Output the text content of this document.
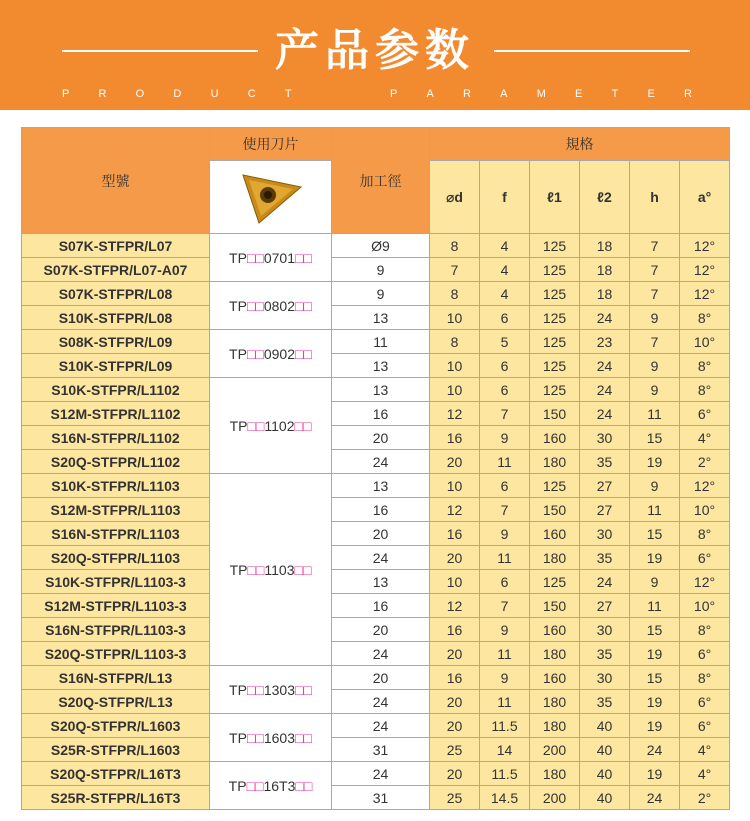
产品参数
P	R	O	D	U	C	T	P	A	R	A	M	E	T	E	R
型號	使用刀片	加工徑	規格					

	⌀d	f	ℓ1	ℓ2	h	a°

S07K-STFPR/L07	TP□□0701□□	Ø9	8	4	125	18	7	12°
S07K-STFPR/L07-A07		9	7	4	125	18	7	12°
S07K-STFPR/L08	TP□□0802□□	9	8	4	125	18	7	12°
S10K-STFPR/L08		13	10	6	125	24	9	8°
S08K-STFPR/L09	TP□□0902□□	11	8	5	125	23	7	10°
S10K-STFPR/L09		13	10	6	125	24	9	8°
S10K-STFPR/L1102	TP□□1102□□	13	10	6	125	24	9	8°
S12M-STFPR/L1102		16	12	7	150	24	11	6°
S16N-STFPR/L1102		20	16	9	160	30	15	4°
S20Q-STFPR/L1102		24	20	11	180	35	19	2°
S10K-STFPR/L1103	TP□□1103□□	13	10	6	125	27	9	12°
S12M-STFPR/L1103		16	12	7	150	27	11	10°
S16N-STFPR/L1103		20	16	9	160	30	15	8°
S20Q-STFPR/L1103		24	20	11	180	35	19	6°
S10K-STFPR/L1103-3		13	10	6	125	24	9	12°
S12M-STFPR/L1103-3		16	12	7	150	27	11	10°
S16N-STFPR/L1103-3		20	16	9	160	30	15	8°
S20Q-STFPR/L1103-3		24	20	11	180	35	19	6°
S16N-STFPR/L13	TP□□1303□□	20	16	9	160	30	15	8°
S20Q-STFPR/L13		24	20	11	180	35	19	6°
S20Q-STFPR/L1603	TP□□1603□□	24	20	11.5	180	40	19	6°
S25R-STFPR/L1603		31	25	14	200	40	24	4°
S20Q-STFPR/L16T3	TP□□16T3□□	24	20	11.5	180	40	19	4°
S25R-STFPR/L16T3		31	25	14.5	200	40	24	2°
